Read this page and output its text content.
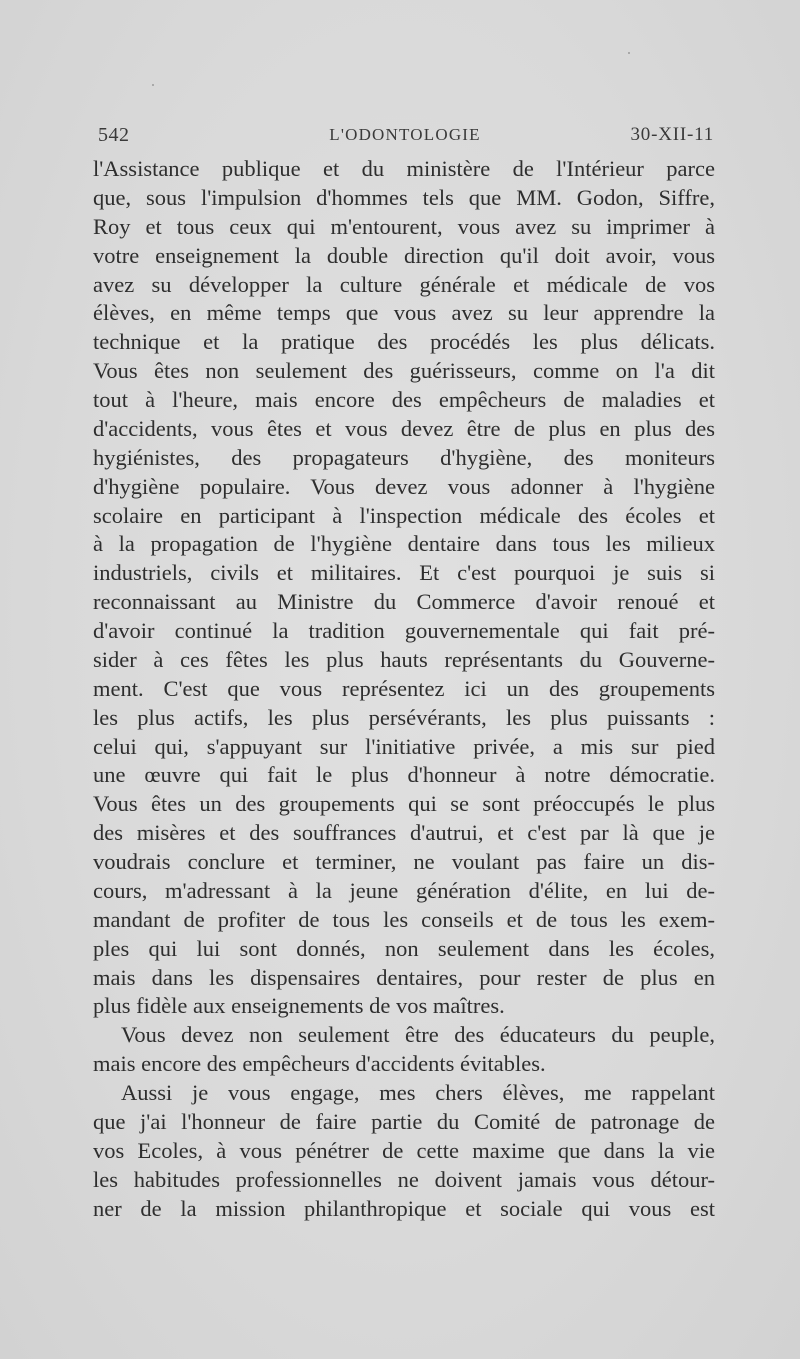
542	L'ODONTOLOGIE	30-XII-11
l'Assistance publique et du ministère de l'Intérieur parce
que, sous l'impulsion d'hommes tels que MM. Godon, Siffre,
Roy et tous ceux qui m'entourent, vous avez su imprimer à
votre enseignement la double direction qu'il doit avoir, vous
avez su développer la culture générale et médicale de vos
élèves, en même temps que vous avez su leur apprendre la
technique et la pratique des procédés les plus délicats.
Vous êtes non seulement des guérisseurs, comme on l'a dit
tout à l'heure, mais encore des empêcheurs de maladies et
d'accidents, vous êtes et vous devez être de plus en plus des
hygiénistes, des propagateurs d'hygiène, des moniteurs
d'hygiène populaire. Vous devez vous adonner à l'hygiène
scolaire en participant à l'inspection médicale des écoles et
à la propagation de l'hygiène dentaire dans tous les milieux
industriels, civils et militaires. Et c'est pourquoi je suis si
reconnaissant au Ministre du Commerce d'avoir renoué et
d'avoir continué la tradition gouvernementale qui fait pré-
sider à ces fêtes les plus hauts représentants du Gouverne-
ment. C'est que vous représentez ici un des groupements
les plus actifs, les plus persévérants, les plus puissants :
celui qui, s'appuyant sur l'initiative privée, a mis sur pied
une œuvre qui fait le plus d'honneur à notre démocratie.
Vous êtes un des groupements qui se sont préoccupés le plus
des misères et des souffrances d'autrui, et c'est par là que je
voudrais conclure et terminer, ne voulant pas faire un dis-
cours, m'adressant à la jeune génération d'élite, en lui de-
mandant de profiter de tous les conseils et de tous les exem-
ples qui lui sont donnés, non seulement dans les écoles,
mais dans les dispensaires dentaires, pour rester de plus en
plus fidèle aux enseignements de vos maîtres.
Vous devez non seulement être des éducateurs du peuple,
mais encore des empêcheurs d'accidents évitables.
Aussi je vous engage, mes chers élèves, me rappelant
que j'ai l'honneur de faire partie du Comité de patronage de
vos Ecoles, à vous pénétrer de cette maxime que dans la vie
les habitudes professionnelles ne doivent jamais vous détour-
ner de la mission philanthropique et sociale qui vous est
